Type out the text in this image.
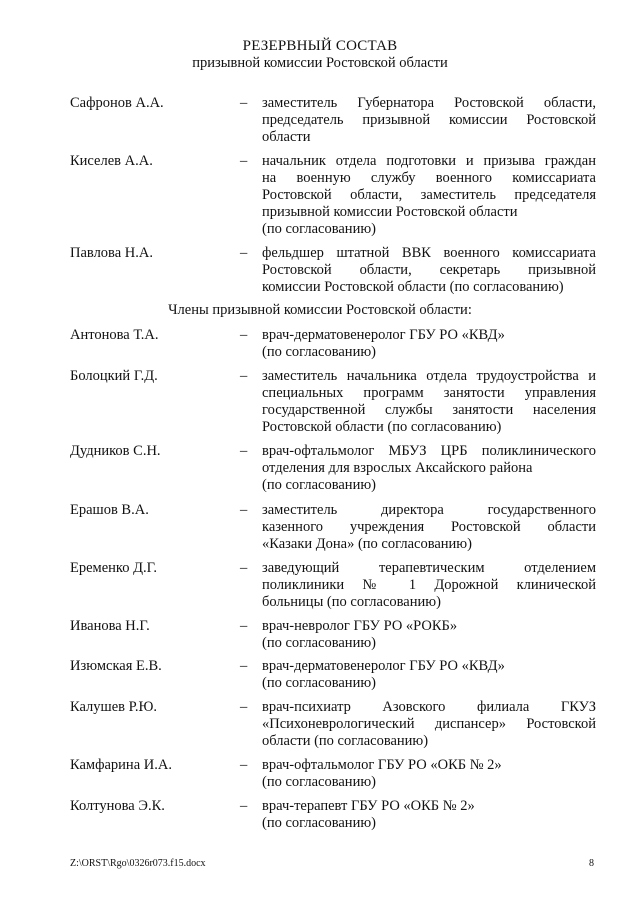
РЕЗЕРВНЫЙ СОСТАВ
призывной комиссии Ростовской области
Сафронов А.А.	– заместитель Губернатора Ростовской области,
председатель призывной комиссии Ростовской
области
Киселев А.А.	– начальник отдела подготовки и призыва граждан
на военную службу военного комиссариата
Ростовской области, заместитель председателя
призывной комиссии Ростовской области
(по согласованию)
Павлова Н.А.	– фельдшер штатной ВВК военного комиссариата
Ростовской области, секретарь призывной
комиссии Ростовской области (по согласованию)
Члены призывной комиссии Ростовской области:
Антонова Т.А.	– врач-дерматовенеролог ГБУ РО «КВД»
(по согласованию)
Болоцкий Г.Д.	– заместитель начальника отдела трудоустройства и
специальных программ занятости управления
государственной службы занятости населения
Ростовской области (по согласованию)
Дудников С.Н.	– врач-офтальмолог МБУЗ ЦРБ поликлинического
отделения для взрослых Аксайского района
(по согласованию)
Ерашов В.А.	– заместитель директора государственного
казенного учреждения Ростовской области
«Казаки Дона» (по согласованию)
Еременко Д.Г.	– заведующий терапевтическим отделением
поликлиники № 1 Дорожной клинической
больницы (по согласованию)
Иванова Н.Г.	– врач-невролог ГБУ РО «РОКБ»
(по согласованию)
Изюмская Е.В.	– врач-дерматовенеролог ГБУ РО «КВД»
(по согласованию)
Калушев Р.Ю.	– врач-психиатр Азовского филиала ГКУЗ
«Психоневрологический диспансер» Ростовской
области (по согласованию)
Камфарина И.А.	– врач-офтальмолог ГБУ РО «ОКБ № 2»
(по согласованию)
Колтунова Э.К.	– врач-терапевт ГБУ РО «ОКБ № 2»
(по согласованию)
Z:\ORST\Rgo\0326r073.f15.docx	8
